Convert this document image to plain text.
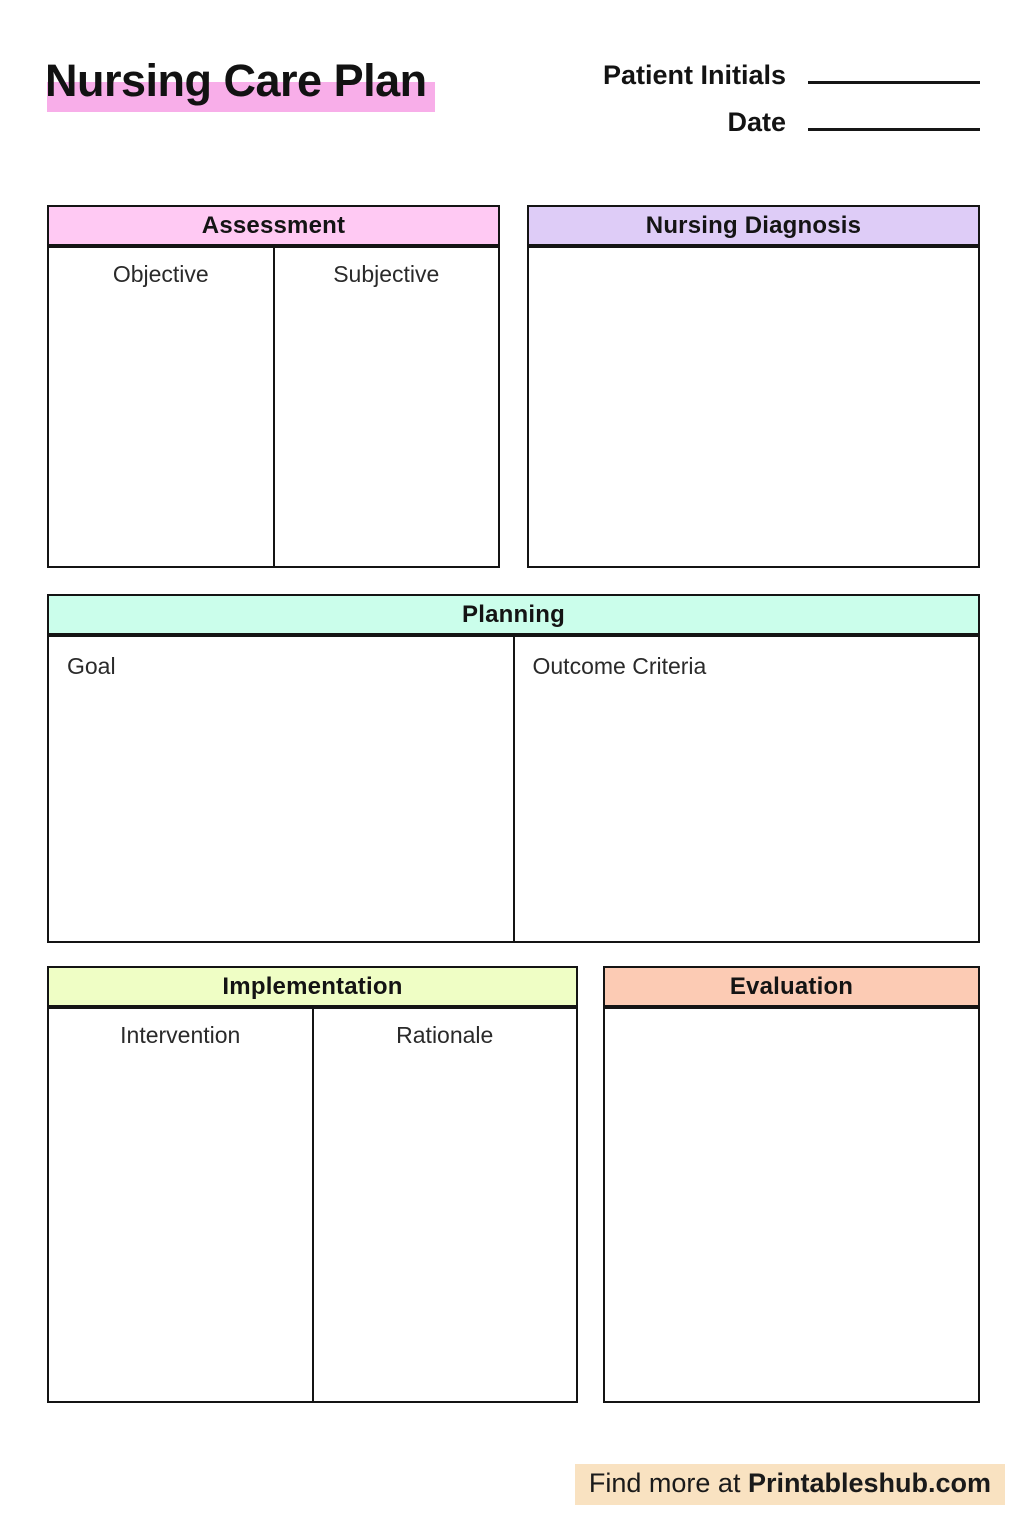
Nursing Care Plan	Patient Initials
Date
Assessment
Objective	Subjective
Nursing Diagnosis
Planning
Goal	Outcome Criteria
Implementation
Intervention	Rationale
Evaluation
Find more at Printableshub.com
